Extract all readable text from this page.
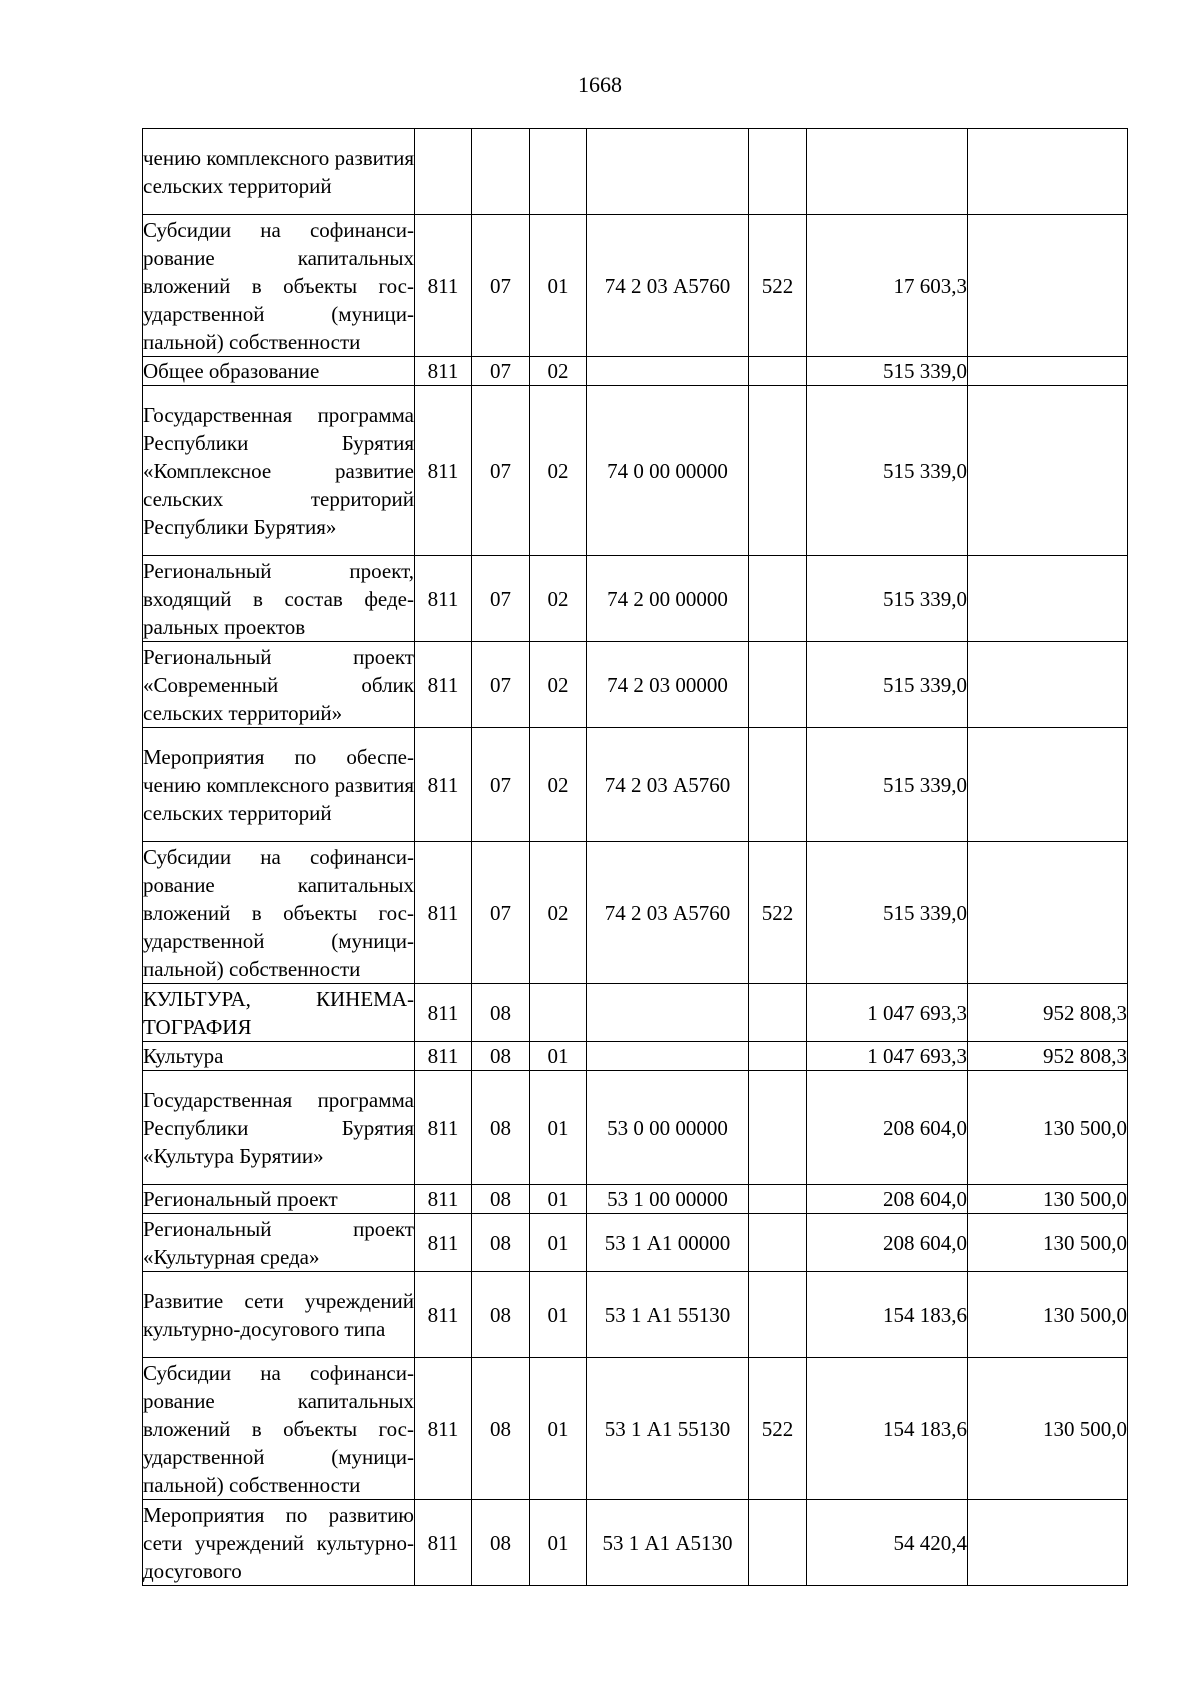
1668
чению комплексного развития сельских территорий							
Субсидии на софинансирование капитальных вложений в объекты государственной (муниципальной) собственности	811	07	01	74 2 03 А5760	522	17 603,3	
Общее образование	811	07	02			515 339,0	
Государственная программа Республики Бурятия «Комплексное развитие сельских территорий Республики Бурятия»	811	07	02	74 0 00 00000		515 339,0	
Региональный проект, входящий в состав федеральных проектов	811	07	02	74 2 00 00000		515 339,0	
Региональный проект «Современный облик сельских территорий»	811	07	02	74 2 03 00000		515 339,0	
Мероприятия по обеспечению комплексного развития сельских территорий	811	07	02	74 2 03 А5760		515 339,0	
Субсидии на софинансирование капитальных вложений в объекты государственной (муниципальной) собственности	811	07	02	74 2 03 А5760	522	515 339,0	
КУЛЬТУРА, КИНЕМАТОГРАФИЯ	811	08				1 047 693,3	952 808,3
Культура	811	08	01			1 047 693,3	952 808,3
Государственная программа Республики Бурятия «Культура Бурятии»	811	08	01	53 0 00 00000		208 604,0	130 500,0
Региональный проект	811	08	01	53 1 00 00000		208 604,0	130 500,0
Региональный проект «Культурная среда»	811	08	01	53 1 А1 00000		208 604,0	130 500,0
Развитие сети учреждений культурно-досугового типа	811	08	01	53 1 А1 55130		154 183,6	130 500,0
Субсидии на софинансирование капитальных вложений в объекты государственной (муниципальной) собственности	811	08	01	53 1 А1 55130	522	154 183,6	130 500,0
Мероприятия по развитию сети учреждений культурно-досугового	811	08	01	53 1 А1 А5130		54 420,4	
